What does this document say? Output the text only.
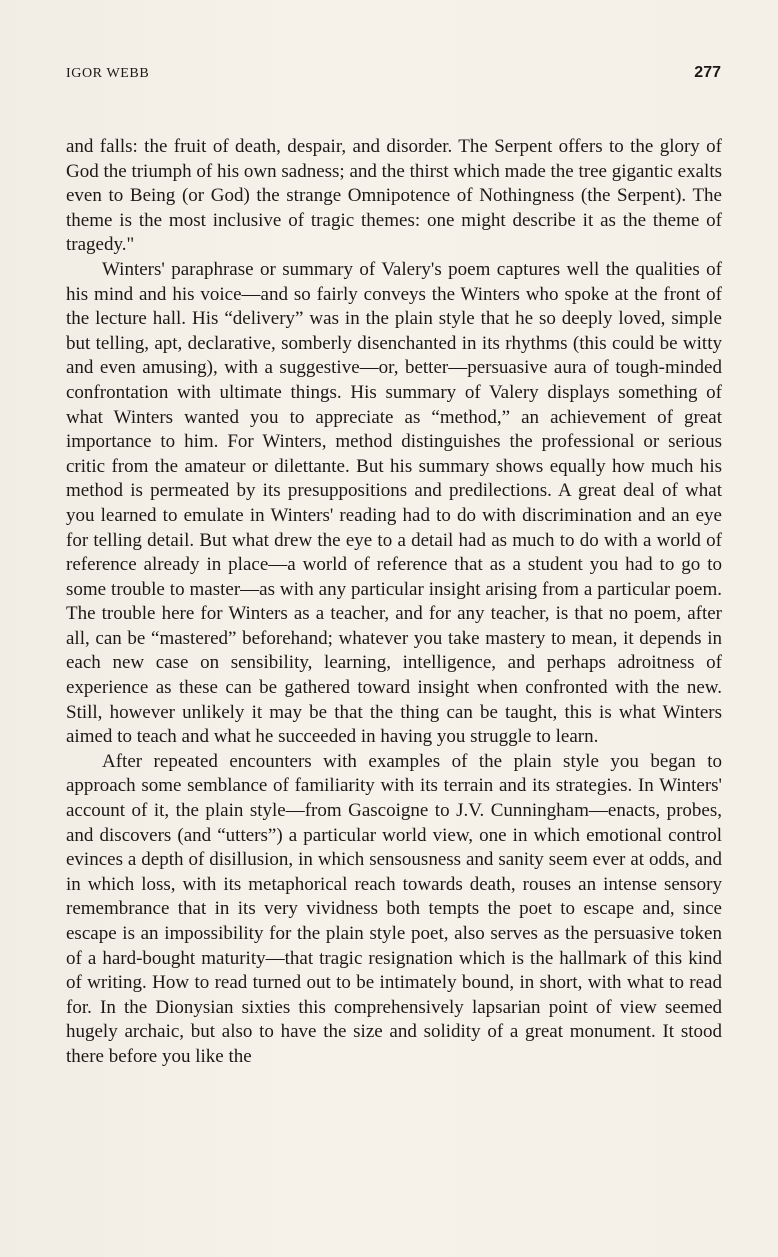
IGOR WEBB	277

and falls: the fruit of death, despair, and disorder. The Serpent offers to the glory of God the triumph of his own sadness; and the thirst which made the tree gigantic exalts even to Being (or God) the strange Omnipotence of Nothingness (the Serpent). The theme is the most inclusive of tragic themes: one might describe it as the theme of tragedy."

Winters' paraphrase or summary of Valery's poem captures well the qualities of his mind and his voice—and so fairly conveys the Winters who spoke at the front of the lecture hall. His “delivery” was in the plain style that he so deeply loved, simple but telling, apt, declarative, somberly disenchanted in its rhythms (this could be witty and even amusing), with a suggestive—or, better—persuasive aura of tough-minded confrontation with ultimate things. His summary of Valery displays something of what Winters wanted you to appreciate as “method,” an achievement of great importance to him. For Winters, method distinguishes the professional or serious critic from the amateur or dilettante. But his summary shows equally how much his method is permeated by its presuppositions and predilections. A great deal of what you learned to emulate in Winters' reading had to do with discrimination and an eye for telling detail. But what drew the eye to a detail had as much to do with a world of reference already in place—a world of reference that as a student you had to go to some trouble to master—as with any particular insight arising from a particular poem. The trouble here for Winters as a teacher, and for any teacher, is that no poem, after all, can be “mastered” beforehand; whatever you take mastery to mean, it depends in each new case on sensibility, learning, intelligence, and perhaps adroitness of experience as these can be gathered toward insight when confronted with the new. Still, however unlikely it may be that the thing can be taught, this is what Winters aimed to teach and what he succeeded in having you struggle to learn.

After repeated encounters with examples of the plain style you began to approach some semblance of familiarity with its terrain and its strategies. In Winters' account of it, the plain style—from Gascoigne to J.V. Cunningham—enacts, probes, and discovers (and “utters”) a particular world view, one in which emotional control evinces a depth of disillusion, in which sensousness and sanity seem ever at odds, and in which loss, with its metaphorical reach towards death, rouses an intense sensory remembrance that in its very vividness both tempts the poet to escape and, since escape is an impossibility for the plain style poet, also serves as the persuasive token of a hard-bought maturity—that tragic resignation which is the hallmark of this kind of writing. How to read turned out to be intimately bound, in short, with what to read for. In the Dionysian sixties this comprehensively lapsarian point of view seemed hugely archaic, but also to have the size and solidity of a great monument. It stood there before you like the
